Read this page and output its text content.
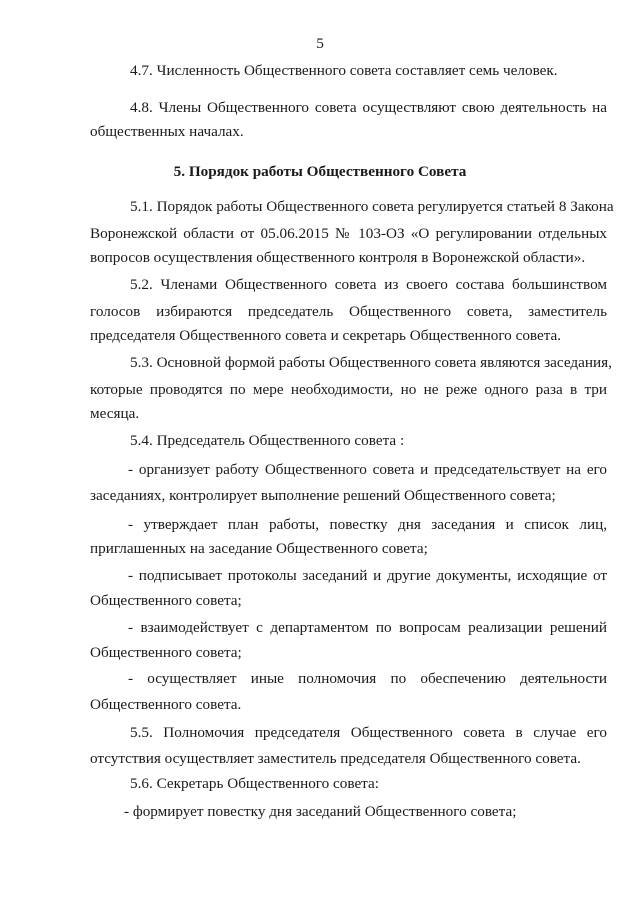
5
4.7. Численность Общественного совета составляет семь человек.
4.8. Члены Общественного совета осуществляют свою деятельность на
общественных началах.
5. Порядок работы Общественного Совета
5.1. Порядок работы Общественного совета регулируется статьей 8 Закона
Воронежской области от 05.06.2015 № 103-ОЗ «О регулировании отдельных
вопросов осуществления общественного контроля в Воронежской области».
5.2. Членами Общественного совета из своего состава большинством
голосов избираются председатель Общественного совета, заместитель
председателя Общественного совета и секретарь Общественного совета.
5.3. Основной формой работы Общественного совета являются заседания,
которые проводятся по мере необходимости, но не реже одного раза в три
месяца.
5.4. Председатель Общественного совета :
- организует работу Общественного совета и председательствует на его
заседаниях, контролирует выполнение решений Общественного совета;
- утверждает план работы, повестку дня заседания и список лиц,
приглашенных на заседание Общественного совета;
- подписывает протоколы заседаний и другие документы, исходящие от
Общественного совета;
- взаимодействует с департаментом по вопросам реализации решений
Общественного совета;
- осуществляет иные полномочия по обеспечению деятельности
Общественного совета.
5.5. Полномочия председателя Общественного совета в случае его
отсутствия осуществляет заместитель председателя Общественного совета.
5.6. Секретарь Общественного совета:
- формирует повестку дня заседаний Общественного совета;
